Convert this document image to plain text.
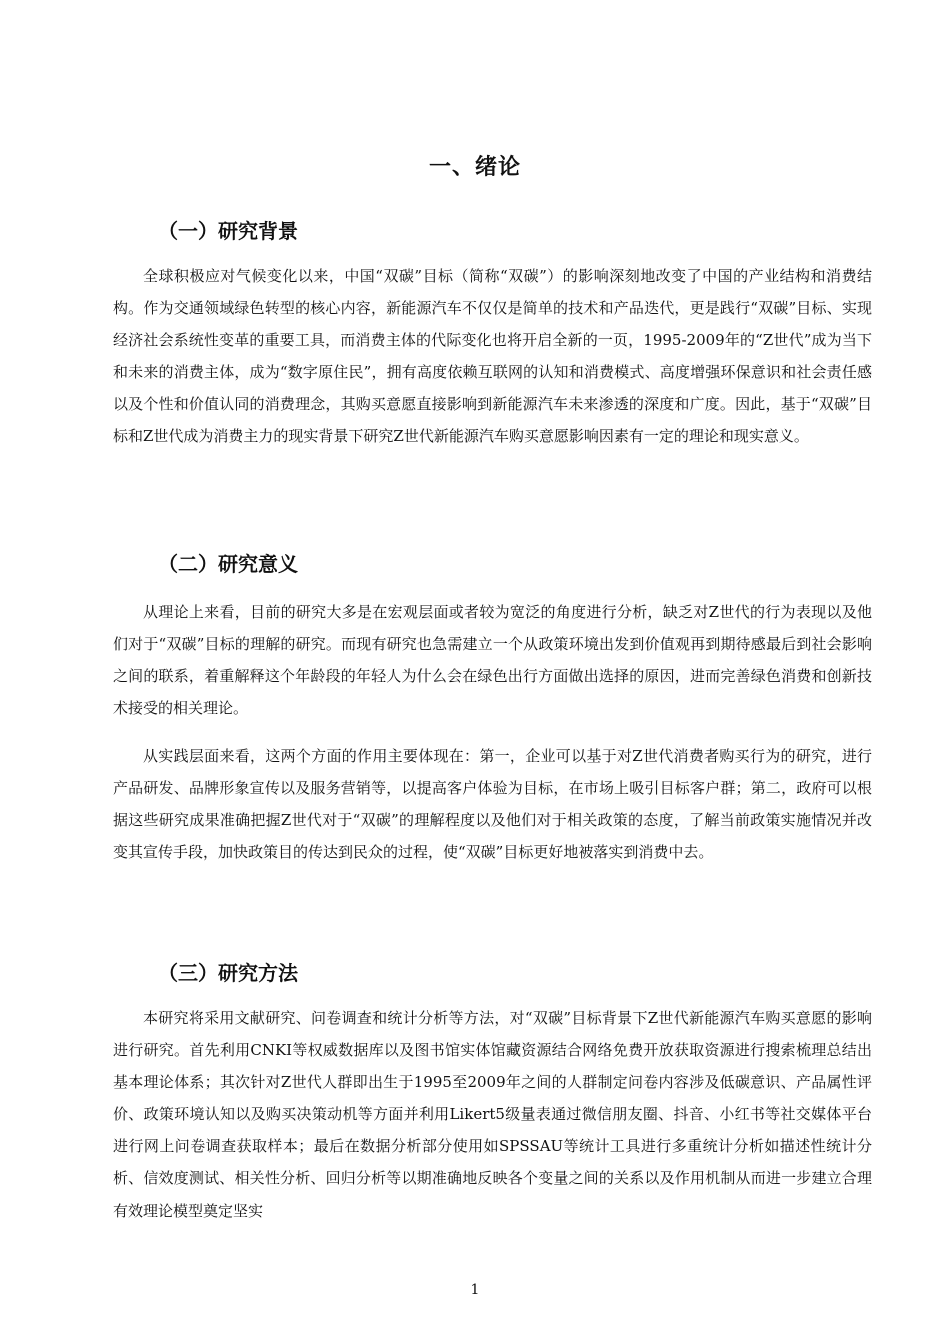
一、绪论
（一）研究背景

全球积极应对气候变化以来，中国“双碳”目标（简称“双碳”）的影响深刻地改变了中国的产业结构和消费结构。作为交通领域绿色转型的核心内容，新能源汽车不仅仅是简单的技术和产品迭代，更是践行“双碳”目标、实现经济社会系统性变革的重要工具，而消费主体的代际变化也将开启全新的一页，1995-2009年的“Z世代”成为当下和未来的消费主体，成为“数字原住民”，拥有高度依赖互联网的认知和消费模式、高度增强环保意识和社会责任感以及个性和价值认同的消费理念，其购买意愿直接影响到新能源汽车未来渗透的深度和广度。因此，基于“双碳”目标和Z世代成为消费主力的现实背景下研究Z世代新能源汽车购买意愿影响因素有一定的理论和现实意义。

（二）研究意义

从理论上来看，目前的研究大多是在宏观层面或者较为宽泛的角度进行分析，缺乏对Z世代的行为表现以及他们对于“双碳”目标的理解的研究。而现有研究也急需建立一个从政策环境出发到价值观再到期待感最后到社会影响之间的联系，着重解释这个年龄段的年轻人为什么会在绿色出行方面做出选择的原因，进而完善绿色消费和创新技术接受的相关理论。

从实践层面来看，这两个方面的作用主要体现在：第一，企业可以基于对Z世代消费者购买行为的研究，进行产品研发、品牌形象宣传以及服务营销等，以提高客户体验为目标，在市场上吸引目标客户群；第二，政府可以根据这些研究成果准确把握Z世代对于“双碳”的理解程度以及他们对于相关政策的态度，了解当前政策实施情况并改变其宣传手段，加快政策目的传达到民众的过程，使“双碳”目标更好地被落实到消费中去。

（三）研究方法

本研究将采用文献研究、问卷调查和统计分析等方法，对“双碳”目标背景下Z世代新能源汽车购买意愿的影响进行研究。首先利用CNKI等权威数据库以及图书馆实体馆藏资源结合网络免费开放获取资源进行搜索梳理总结出基本理论体系；其次针对Z世代人群即出生于1995至2009年之间的人群制定问卷内容涉及低碳意识、产品属性评价、政策环境认知以及购买决策动机等方面并利用Likert5级量表通过微信朋友圈、抖音、小红书等社交媒体平台进行网上问卷调查获取样本；最后在数据分析部分使用如SPSSAU等统计工具进行多重统计分析如描述性统计分析、信效度测试、相关性分析、回归分析等以期准确地反映各个变量之间的关系以及作用机制从而进一步建立合理有效理论模型奠定坚实

1
